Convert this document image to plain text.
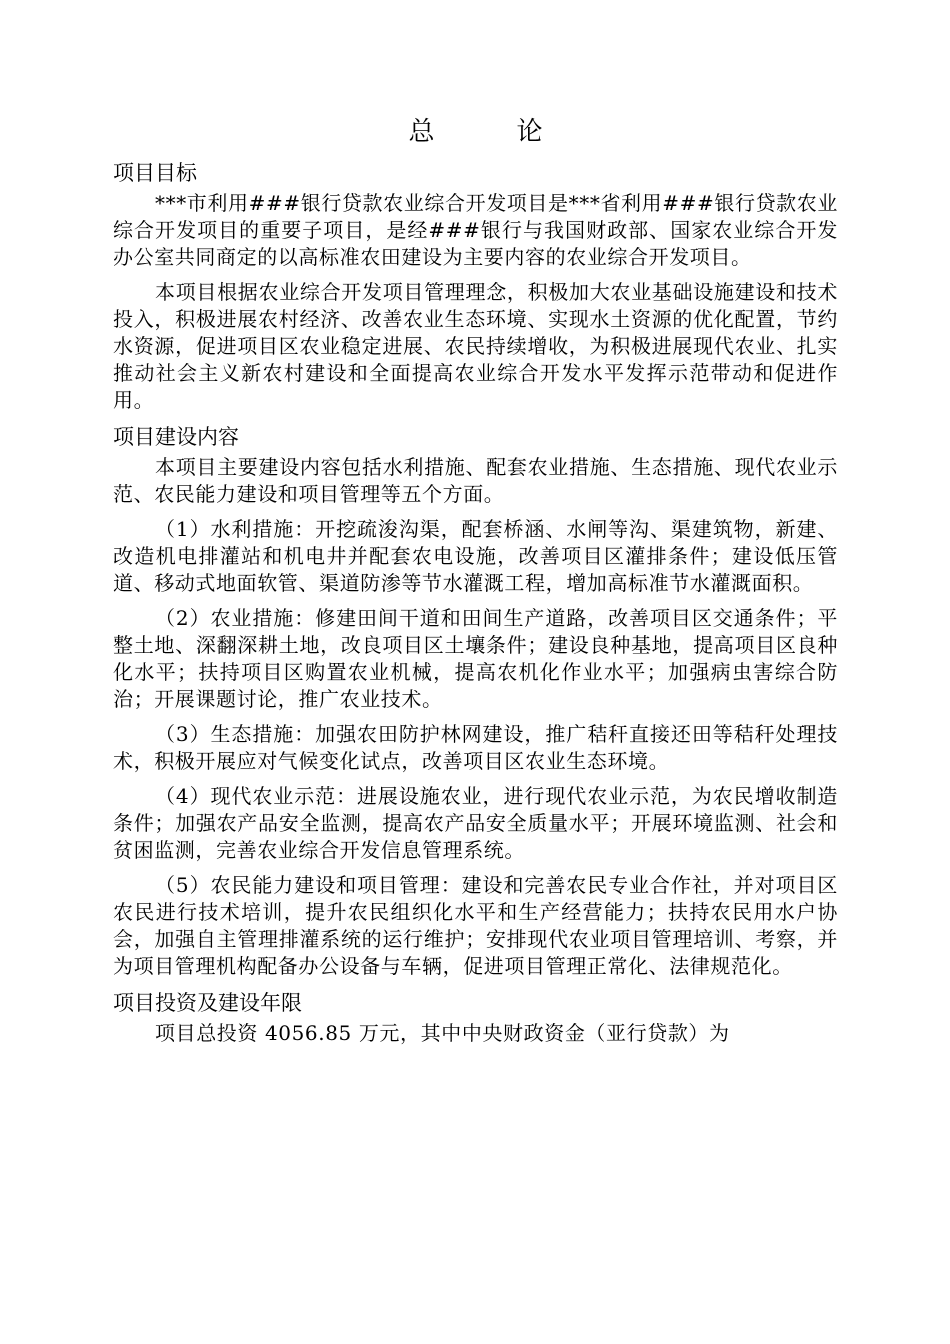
总　论
项目目标

***市利用###银行贷款农业综合开发项目是***省利用###银行贷款农业综合开发项目的重要子项目，是经###银行与我国财政部、国家农业综合开发办公室共同商定的以高标准农田建设为主要内容的农业综合开发项目。

本项目根据农业综合开发项目管理理念，积极加大农业基础设施建设和技术投入，积极进展农村经济、改善农业生态环境、实现水土资源的优化配置，节约水资源，促进项目区农业稳定进展、农民持续增收，为积极进展现代农业、扎实推动社会主义新农村建设和全面提高农业综合开发水平发挥示范带动和促进作用。

项目建设内容

本项目主要建设内容包括水利措施、配套农业措施、生态措施、现代农业示范、农民能力建设和项目管理等五个方面。

（1）水利措施：开挖疏浚沟渠，配套桥涵、水闸等沟、渠建筑物，新建、改造机电排灌站和机电井并配套农电设施，改善项目区灌排条件；建设低压管道、移动式地面软管、渠道防渗等节水灌溉工程，增加高标准节水灌溉面积。

（2）农业措施：修建田间干道和田间生产道路，改善项目区交通条件；平整土地、深翻深耕土地，改良项目区土壤条件；建设良种基地，提高项目区良种化水平；扶持项目区购置农业机械，提高农机化作业水平；加强病虫害综合防治；开展课题讨论，推广农业技术。

（3）生态措施：加强农田防护林网建设，推广秸秆直接还田等秸秆处理技术，积极开展应对气候变化试点，改善项目区农业生态环境。

（4）现代农业示范：进展设施农业，进行现代农业示范，为农民增收制造条件；加强农产品安全监测，提高农产品安全质量水平；开展环境监测、社会和贫困监测，完善农业综合开发信息管理系统。

（5）农民能力建设和项目管理：建设和完善农民专业合作社，并对项目区农民进行技术培训，提升农民组织化水平和生产经营能力；扶持农民用水户协会，加强自主管理排灌系统的运行维护；安排现代农业项目管理培训、考察，并为项目管理机构配备办公设备与车辆，促进项目管理正常化、法律规范化。

项目投资及建设年限

项目总投资 4056.85 万元，其中中央财政资金（亚行贷款）为
